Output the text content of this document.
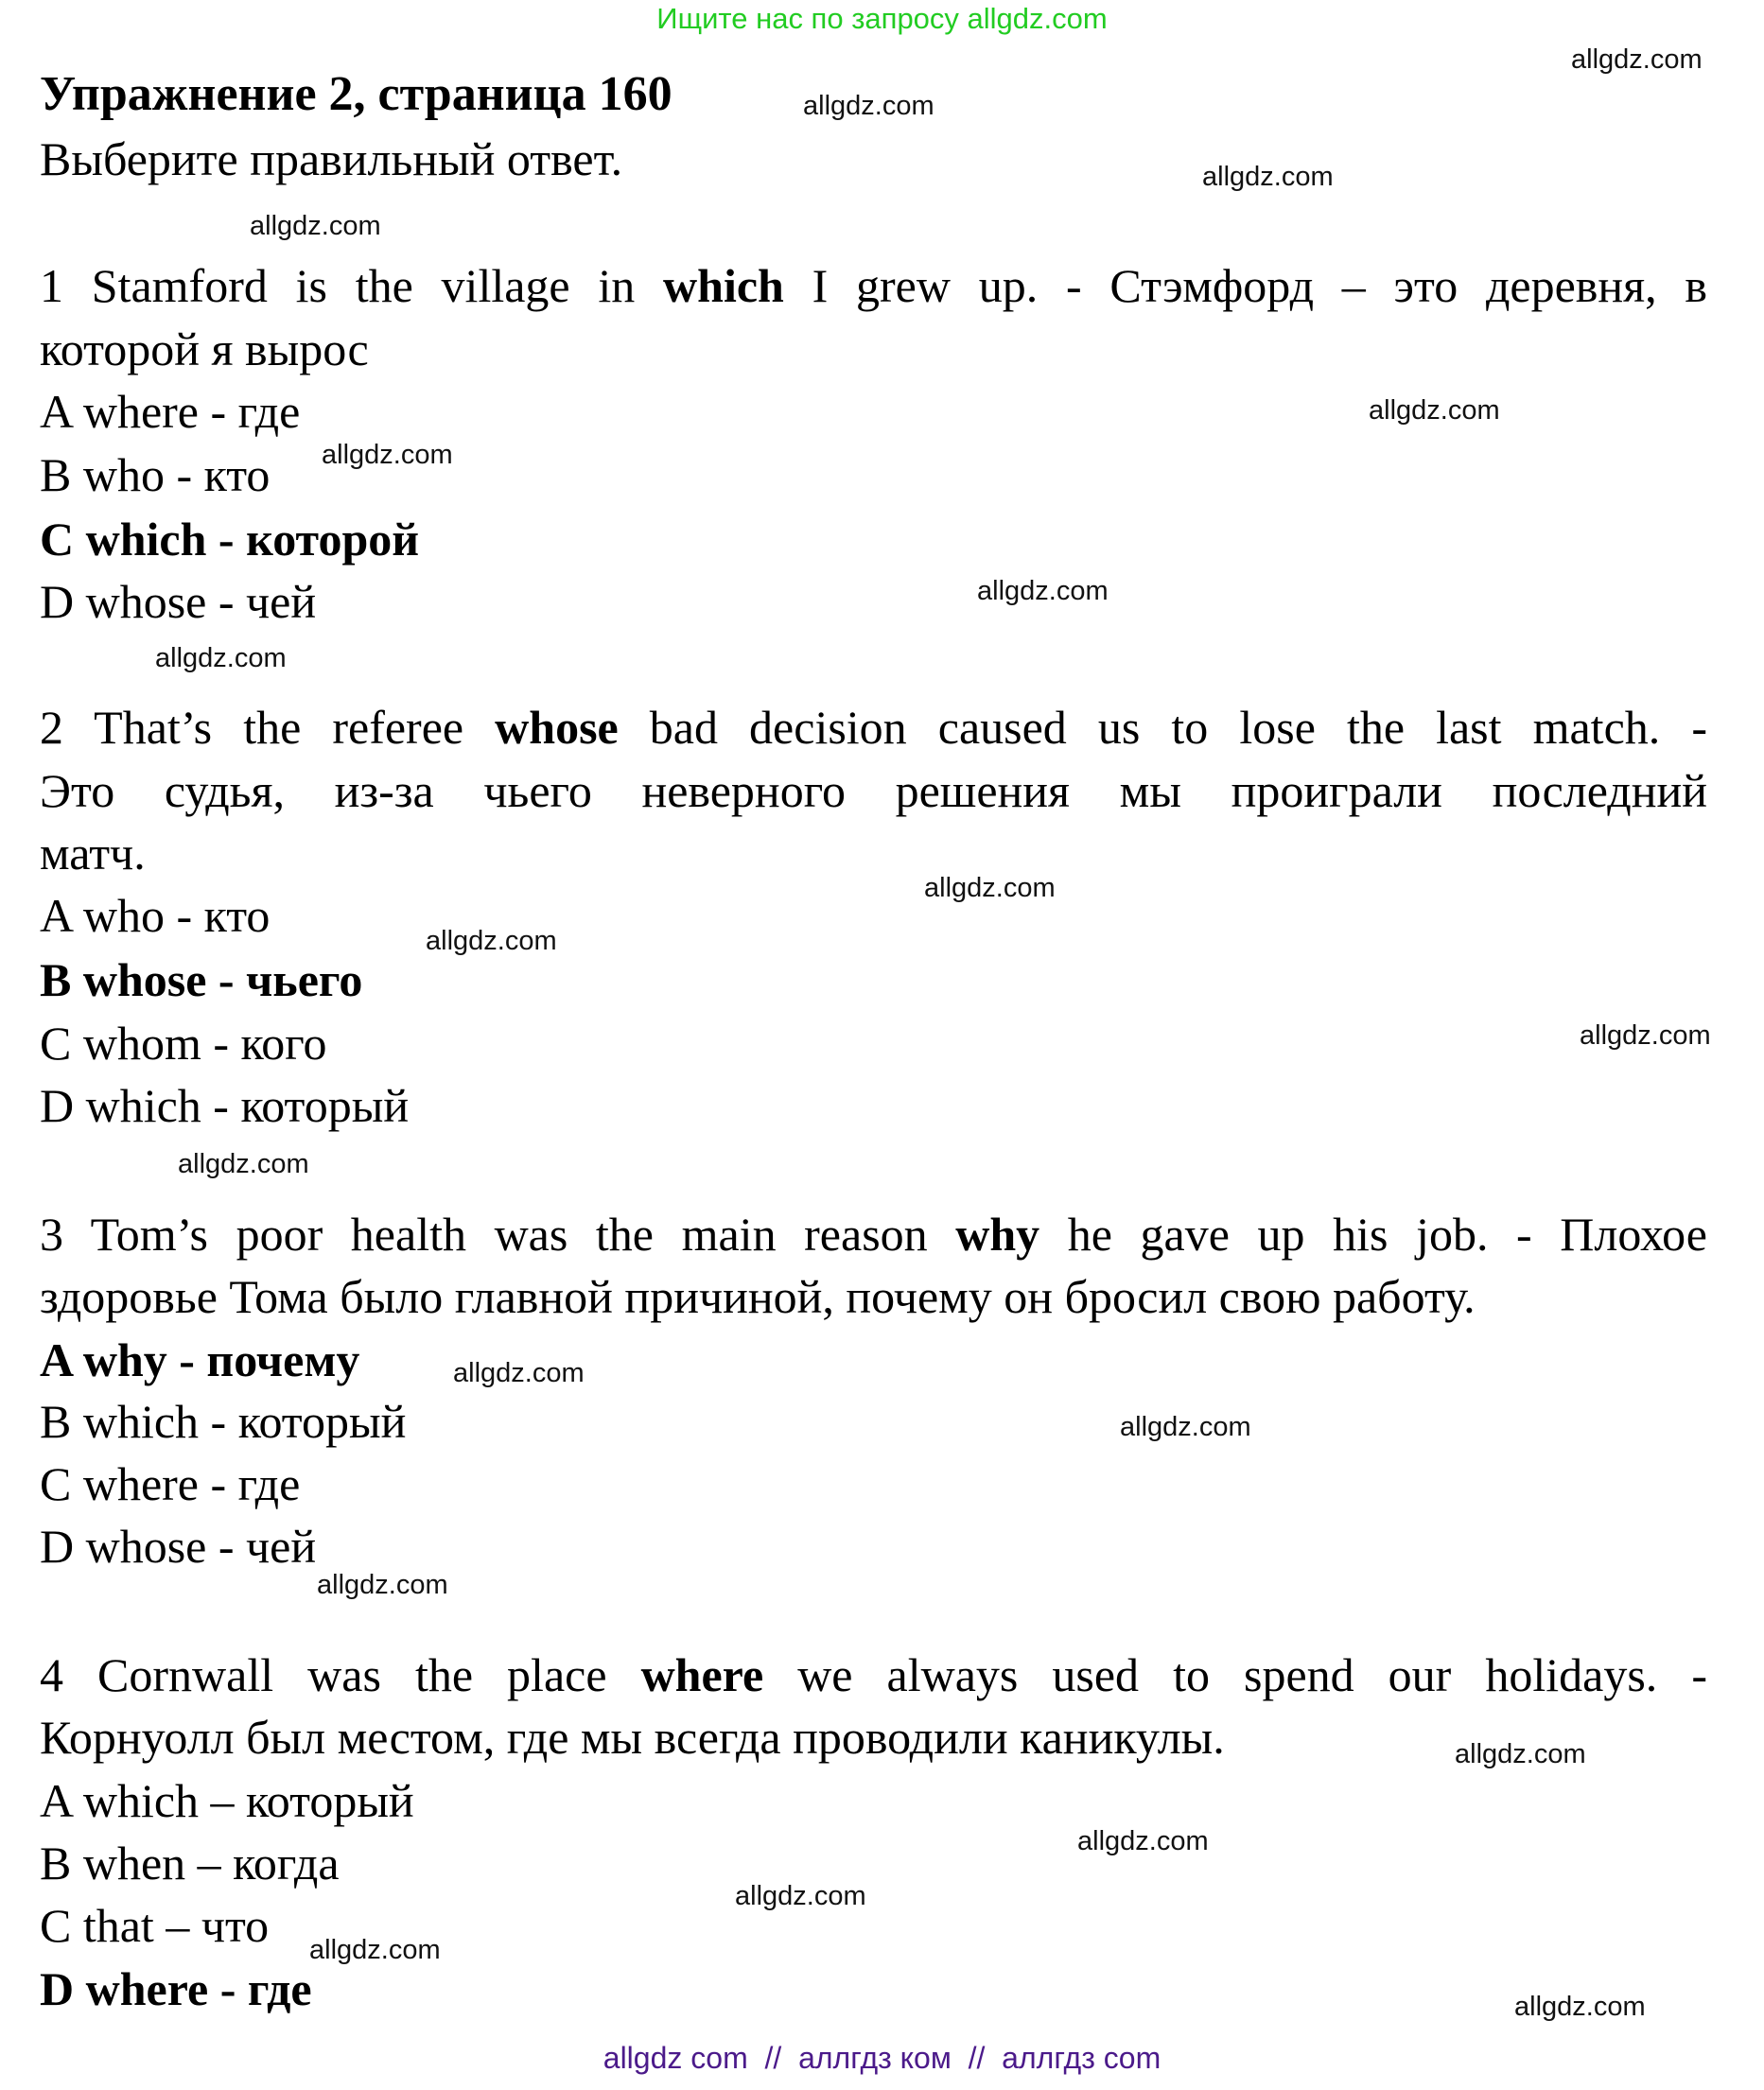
Ищите нас по запросу allgdz.com
Упражнение 2, страница 160
Выберите правильный ответ.
1 Stamford is the village in which I grew up. - Стэмфорд – это деревня, в
которой я вырос
A where - где
B who - кто
C which - которой
D whose - чей
2 That’s the referee whose bad decision caused us to lose the last match. -
Это судья, из-за чьего неверного решения мы проиграли последний
матч.
A who - кто
B whose - чьего
C whom - кого
D which - который
3 Tom’s poor health was the main reason why he gave up his job. - Плохое
здоровье Тома было главной причиной, почему он бросил свою работу.
A why - почему
B which - который
C where - где
D whose - чей
4 Cornwall was the place where we always used to spend our holidays. -
Корнуолл был местом, где мы всегда проводили каникулы.
A which – который
B when – когда
C that – что
D where - где
allgdz.com
allgdz.com
allgdz.com
allgdz.com
allgdz.com
allgdz.com
allgdz.com
allgdz.com
allgdz.com
allgdz.com
allgdz.com
allgdz.com
allgdz.com
allgdz.com
allgdz.com
allgdz.com
allgdz.com
allgdz.com
allgdz.com
allgdz.com
allgdz com  //  аллгдз ком  //  аллгдз com
